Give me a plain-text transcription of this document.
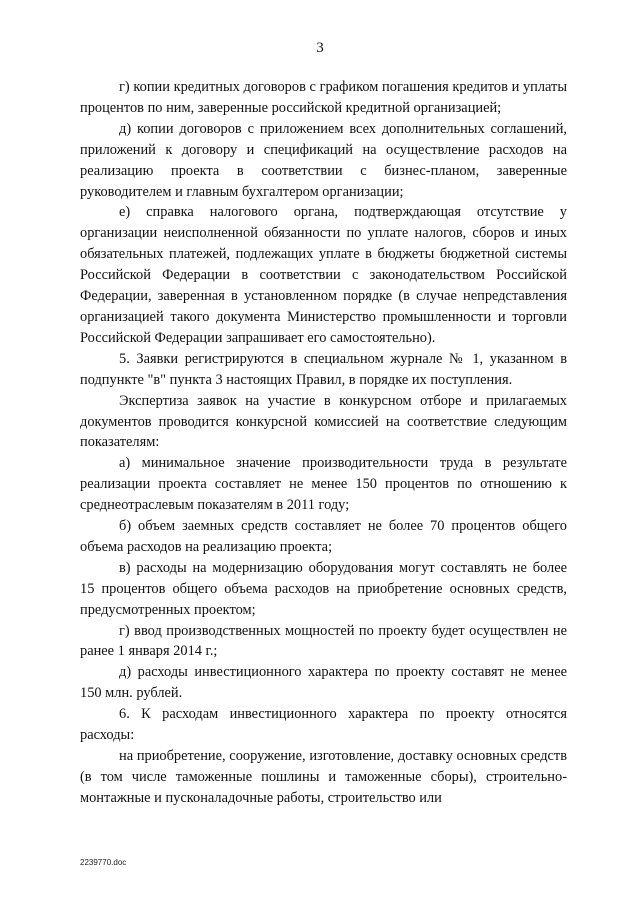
3

г) копии кредитных договоров с графиком погашения кредитов и уплаты процентов по ним, заверенные российской кредитной организацией;

д) копии договоров с приложением всех дополнительных соглашений, приложений к договору и спецификаций на осуществление расходов на реализацию проекта в соответствии с бизнес-планом, заверенные руководителем и главным бухгалтером организации;

е) справка налогового органа, подтверждающая отсутствие у организации неисполненной обязанности по уплате налогов, сборов и иных обязательных платежей, подлежащих уплате в бюджеты бюджетной системы Российской Федерации в соответствии с законодательством Российской Федерации, заверенная в установленном порядке (в случае непредставления организацией такого документа Министерство промышленности и торговли Российской Федерации запрашивает его самостоятельно).

5. Заявки регистрируются в специальном журнале № 1, указанном в подпункте "в" пункта 3 настоящих Правил, в порядке их поступления.

Экспертиза заявок на участие в конкурсном отборе и прилагаемых документов проводится конкурсной комиссией на соответствие следующим показателям:

а) минимальное значение производительности труда в результате реализации проекта составляет не менее 150 процентов по отношению к среднеотраслевым показателям в 2011 году;

б) объем заемных средств составляет не более 70 процентов общего объема расходов на реализацию проекта;

в) расходы на модернизацию оборудования могут составлять не более 15 процентов общего объема расходов на приобретение основных средств, предусмотренных проектом;

г) ввод производственных мощностей по проекту будет осуществлен не ранее 1 января 2014 г.;

д) расходы инвестиционного характера по проекту составят не менее 150 млн. рублей.

6. К расходам инвестиционного характера по проекту относятся расходы:

на приобретение, сооружение, изготовление, доставку основных средств (в том числе таможенные пошлины и таможенные сборы), строительно-монтажные и пусконаладочные работы, строительство или

2239770.doc
